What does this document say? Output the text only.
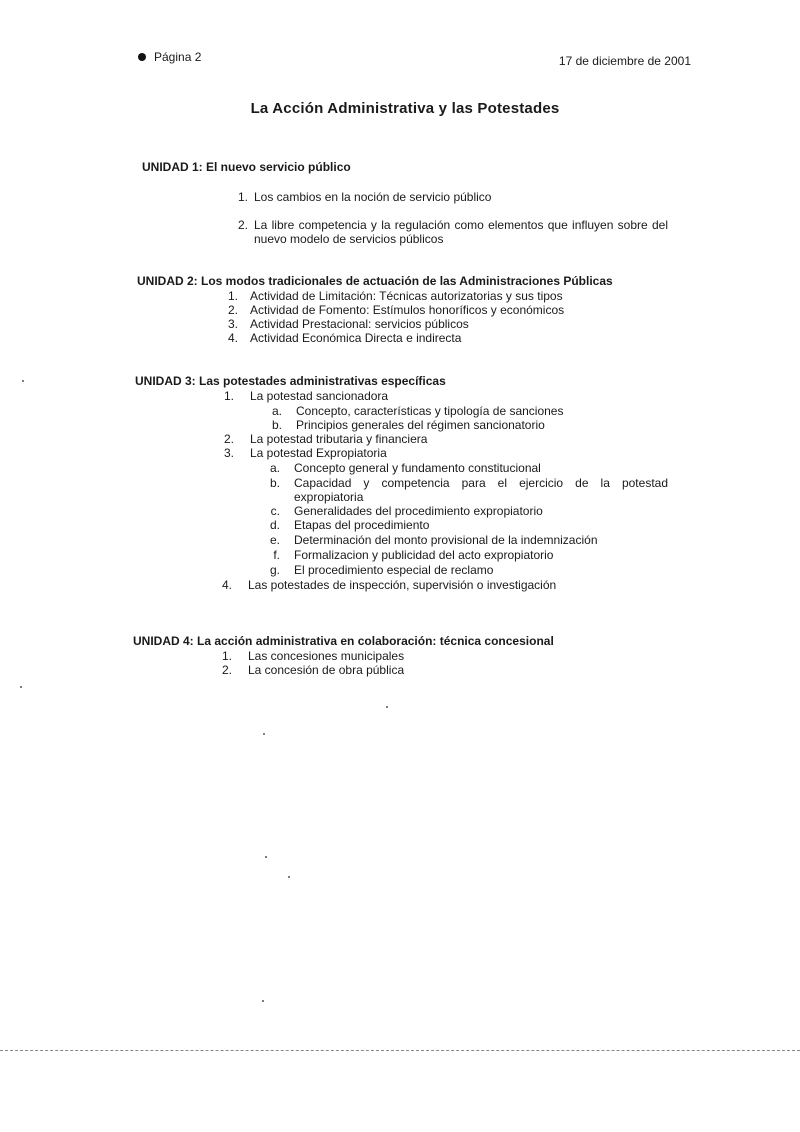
Página 2	17 de diciembre de 2001
La Acción Administrativa y las Potestades
UNIDAD 1: El nuevo servicio público
1. Los cambios en la noción de servicio público
2. La libre competencia y la regulación como elementos que influyen sobre del nuevo modelo de servicios públicos
UNIDAD 2: Los modos tradicionales de actuación de las Administraciones Públicas
1. Actividad de Limitación: Técnicas autorizatorias y sus tipos
2. Actividad de Fomento: Estímulos honoríficos y económicos
3. Actividad Prestacional: servicios públicos
4. Actividad Económica Directa e indirecta
UNIDAD 3: Las potestades administrativas específicas
1. La potestad sancionadora
a. Concepto, características y tipología de sanciones
b. Principios generales del régimen sancionatorio
2. La potestad tributaria y financiera
3. La potestad Expropiatoria
a. Concepto general y fundamento constitucional
b. Capacidad y competencia para el ejercicio de la potestad expropiatoria
c. Generalidades del procedimiento expropiatorio
d. Etapas del procedimiento
e. Determinación del monto provisional de la indemnización
f. Formalizacion y publicidad del acto expropiatorio
g. El procedimiento especial de reclamo
4. Las potestades de inspección, supervisión o investigación
UNIDAD 4: La acción administrativa en colaboración: técnica concesional
1. Las concesiones municipales
2. La concesión de obra pública
